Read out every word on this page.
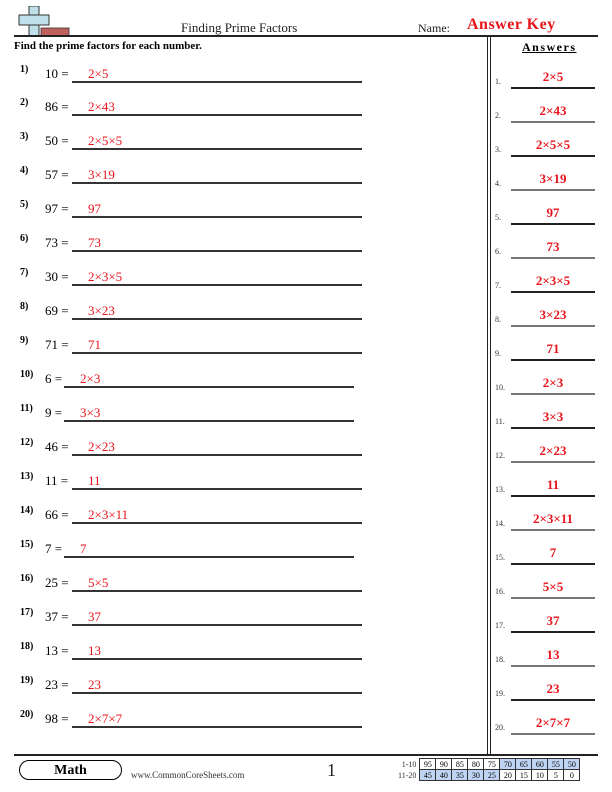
Finding Prime Factors	Name: Answer Key
Find the prime factors for each number.	Answers
1) 10 = 2×5
2) 86 = 2×43
3) 50 = 2×5×5
4) 57 = 3×19
5) 97 = 97
6) 73 = 73
7) 30 = 2×3×5
8) 69 = 3×23
9) 71 = 71
10) 6 = 2×3
11) 9 = 3×3
12) 46 = 2×23
13) 11 = 11
14) 66 = 2×3×11
15) 7 = 7
16) 25 = 5×5
17) 37 = 37
18) 13 = 13
19) 23 = 23
20) 98 = 2×7×7
1.	2×5
2.	2×43
3.	2×5×5
4.	3×19
5.	97
6.	73
7.	2×3×5
8.	3×23
9.	71
10.	2×3
11.	3×3
12.	2×23
13.	11
14.	2×3×11
15.	7
16.	5×5
17.	37
18.	13
19.	23
20.	2×7×7
Math	www.CommonCoreSheets.com	1	1-10	95	90	85	80	75	70	65	60	55	50
11-20	45	40	35	30	25	20	15	10	5	0
